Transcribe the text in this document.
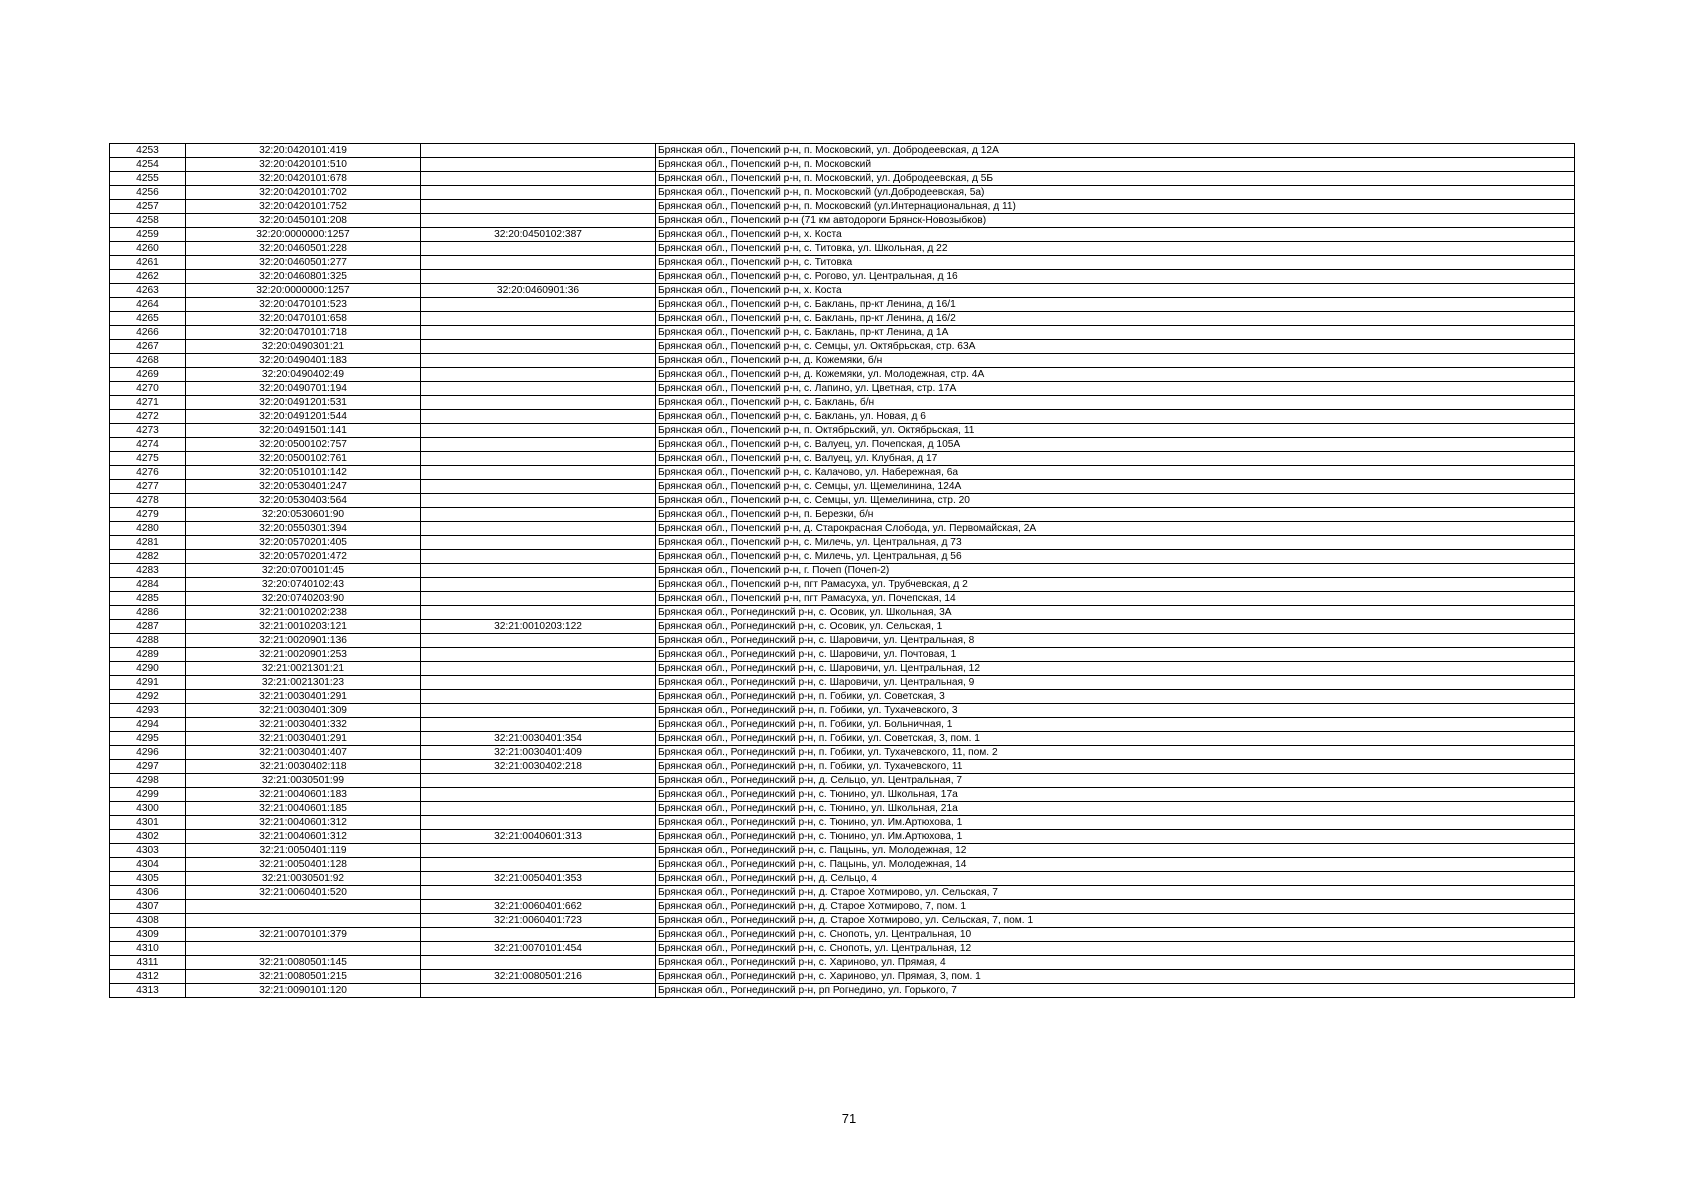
4253	32:20:0420101:419		Брянская обл., Почепский р-н, п. Московский, ул. Добродеевская, д 12А
4254	32:20:0420101:510		Брянская обл., Почепский р-н, п. Московский
4255	32:20:0420101:678		Брянская обл., Почепский р-н, п. Московский, ул. Добродеевская, д 5Б
4256	32:20:0420101:702		Брянская обл., Почепский р-н, п. Московский (ул.Добродеевская, 5а)
4257	32:20:0420101:752		Брянская обл., Почепский р-н, п. Московский (ул.Интернациональная, д 11)
4258	32:20:0450101:208		Брянская обл., Почепский р-н (71 км автодороги Брянск-Новозыбков)
4259	32:20:0000000:1257	32:20:0450102:387	Брянская обл., Почепский р-н, х. Коста
4260	32:20:0460501:228		Брянская обл., Почепский р-н, с. Титовка, ул. Школьная, д 22
4261	32:20:0460501:277		Брянская обл., Почепский р-н, с. Титовка
4262	32:20:0460801:325		Брянская обл., Почепский р-н, с. Рогово, ул. Центральная, д 16
4263	32:20:0000000:1257	32:20:0460901:36	Брянская обл., Почепский р-н, х. Коста
4264	32:20:0470101:523		Брянская обл., Почепский р-н, с. Баклань, пр-кт Ленина, д 16/1
4265	32:20:0470101:658		Брянская обл., Почепский р-н, с. Баклань, пр-кт Ленина, д 16/2
4266	32:20:0470101:718		Брянская обл., Почепский р-н, с. Баклань, пр-кт Ленина, д 1А
4267	32:20:0490301:21		Брянская обл., Почепский р-н, с. Семцы, ул. Октябрьская, стр. 63А
4268	32:20:0490401:183		Брянская обл., Почепский р-н, д. Кожемяки, б/н
4269	32:20:0490402:49		Брянская обл., Почепский р-н, д. Кожемяки, ул. Молодежная, стр. 4А
4270	32:20:0490701:194		Брянская обл., Почепский р-н, с. Лапино, ул. Цветная, стр. 17А
4271	32:20:0491201:531		Брянская обл., Почепский р-н, с. Баклань, б/н
4272	32:20:0491201:544		Брянская обл., Почепский р-н, с. Баклань, ул. Новая, д 6
4273	32:20:0491501:141		Брянская обл., Почепский р-н, п. Октябрьский, ул. Октябрьская, 11
4274	32:20:0500102:757		Брянская обл., Почепский р-н, с. Валуец, ул. Почепская, д 105А
4275	32:20:0500102:761		Брянская обл., Почепский р-н, с. Валуец, ул. Клубная, д 17
4276	32:20:0510101:142		Брянская обл., Почепский р-н, с. Калачово, ул. Набережная, 6а
4277	32:20:0530401:247		Брянская обл., Почепский р-н, с. Семцы, ул. Щемелинина, 124А
4278	32:20:0530403:564		Брянская обл., Почепский р-н, с. Семцы, ул. Щемелинина, стр. 20
4279	32:20:0530601:90		Брянская обл., Почепский р-н, п. Березки, б/н
4280	32:20:0550301:394		Брянская обл., Почепский р-н, д. Старокрасная Слобода, ул. Первомайская, 2А
4281	32:20:0570201:405		Брянская обл., Почепский р-н, с. Милечь, ул. Центральная, д 73
4282	32:20:0570201:472		Брянская обл., Почепский р-н, с. Милечь, ул. Центральная, д 56
4283	32:20:0700101:45		Брянская обл., Почепский р-н, г. Почеп (Почеп-2)
4284	32:20:0740102:43		Брянская обл., Почепский р-н, пгт Рамасуха, ул. Трубчевская, д 2
4285	32:20:0740203:90		Брянская обл., Почепский р-н, пгт Рамасуха, ул. Почепская, 14
4286	32:21:0010202:238		Брянская обл., Рогнединский р-н, с. Осовик, ул. Школьная, 3А
4287	32:21:0010203:121	32:21:0010203:122	Брянская обл., Рогнединский р-н, с. Осовик, ул. Сельская, 1
4288	32:21:0020901:136		Брянская обл., Рогнединский р-н, с. Шаровичи, ул. Центральная, 8
4289	32:21:0020901:253		Брянская обл., Рогнединский р-н, с. Шаровичи, ул. Почтовая, 1
4290	32:21:0021301:21		Брянская обл., Рогнединский р-н, с. Шаровичи, ул. Центральная, 12
4291	32:21:0021301:23		Брянская обл., Рогнединский р-н, с. Шаровичи, ул. Центральная, 9
4292	32:21:0030401:291		Брянская обл., Рогнединский р-н, п. Гобики, ул. Советская, 3
4293	32:21:0030401:309		Брянская обл., Рогнединский р-н, п. Гобики, ул. Тухачевского, 3
4294	32:21:0030401:332		Брянская обл., Рогнединский р-н, п. Гобики, ул. Больничная, 1
4295	32:21:0030401:291	32:21:0030401:354	Брянская обл., Рогнединский р-н, п. Гобики, ул. Советская, 3, пом. 1
4296	32:21:0030401:407	32:21:0030401:409	Брянская обл., Рогнединский р-н, п. Гобики, ул. Тухачевского, 11, пом. 2
4297	32:21:0030402:118	32:21:0030402:218	Брянская обл., Рогнединский р-н, п. Гобики, ул. Тухачевского, 11
4298	32:21:0030501:99		Брянская обл., Рогнединский р-н, д. Сельцо, ул. Центральная, 7
4299	32:21:0040601:183		Брянская обл., Рогнединский р-н, с. Тюнино, ул. Школьная, 17а
4300	32:21:0040601:185		Брянская обл., Рогнединский р-н, с. Тюнино, ул. Школьная, 21а
4301	32:21:0040601:312		Брянская обл., Рогнединский р-н, с. Тюнино, ул. Им.Артюхова, 1
4302	32:21:0040601:312	32:21:0040601:313	Брянская обл., Рогнединский р-н, с. Тюнино, ул. Им.Артюхова, 1
4303	32:21:0050401:119		Брянская обл., Рогнединский р-н, с. Пацынь, ул. Молодежная, 12
4304	32:21:0050401:128		Брянская обл., Рогнединский р-н, с. Пацынь, ул. Молодежная, 14
4305	32:21:0030501:92	32:21:0050401:353	Брянская обл., Рогнединский р-н, д. Сельцо, 4
4306	32:21:0060401:520		Брянская обл., Рогнединский р-н, д. Старое Хотмирово, ул. Сельская, 7
4307		32:21:0060401:662	Брянская обл., Рогнединский р-н, д. Старое Хотмирово, 7, пом. 1
4308		32:21:0060401:723	Брянская обл., Рогнединский р-н, д. Старое Хотмирово, ул. Сельская, 7, пом. 1
4309	32:21:0070101:379		Брянская обл., Рогнединский р-н, с. Снопоть, ул. Центральная, 10
4310		32:21:0070101:454	Брянская обл., Рогнединский р-н, с. Снопоть, ул. Центральная, 12
4311	32:21:0080501:145		Брянская обл., Рогнединский р-н, с. Хариново, ул. Прямая, 4
4312	32:21:0080501:215	32:21:0080501:216	Брянская обл., Рогнединский р-н, с. Хариново, ул. Прямая, 3, пом. 1
4313	32:21:0090101:120		Брянская обл., Рогнединский р-н, рп Рогнедино, ул. Горького, 7
71
